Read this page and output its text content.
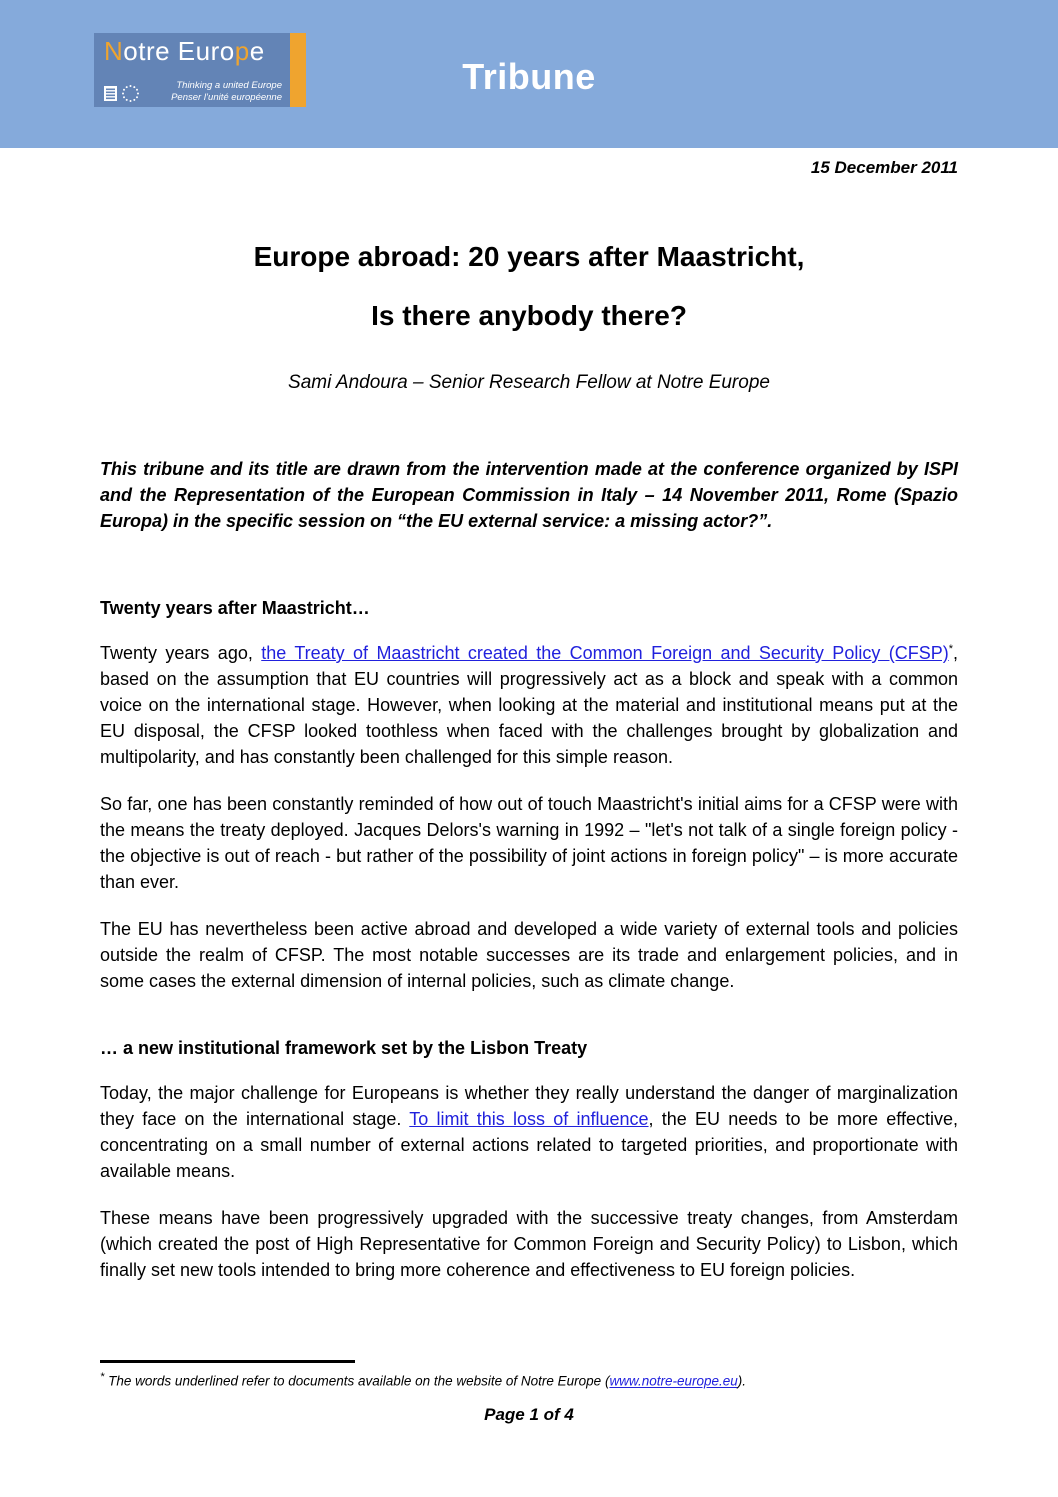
Notre Europe
Thinking a united Europe
Penser l’unité européenne	Tribune
15 December 2011
Europe abroad: 20 years after Maastricht,
Is there anybody there?
Sami Andoura – Senior Research Fellow at Notre Europe

This tribune and its title are drawn from the intervention made at the conference organized by ISPI and the Representation of the European Commission in Italy – 14 November 2011, Rome (Spazio Europa) in the specific session on “the EU external service: a missing actor?”.

Twenty years after Maastricht…

Twenty years ago, the Treaty of Maastricht created the Common Foreign and Security Policy (CFSP)*, based on the assumption that EU countries will progressively act as a block and speak with a common voice on the international stage. However, when looking at the material and institutional means put at the EU disposal, the CFSP looked toothless when faced with the challenges brought by globalization and multipolarity, and has constantly been challenged for this simple reason.

So far, one has been constantly reminded of how out of touch Maastricht's initial aims for a CFSP were with the means the treaty deployed. Jacques Delors's warning in 1992 – "let's not talk of a single foreign policy - the objective is out of reach - but rather of the possibility of joint actions in foreign policy" – is more accurate than ever.

The EU has nevertheless been active abroad and developed a wide variety of external tools and policies outside the realm of CFSP. The most notable successes are its trade and enlargement policies, and in some cases the external dimension of internal policies, such as climate change.

… a new institutional framework set by the Lisbon Treaty

Today, the major challenge for Europeans is whether they really understand the danger of marginalization they face on the international stage. To limit this loss of influence, the EU needs to be more effective, concentrating on a small number of external actions related to targeted priorities, and proportionate with available means.

These means have been progressively upgraded with the successive treaty changes, from Amsterdam (which created the post of High Representative for Common Foreign and Security Policy) to Lisbon, which finally set new tools intended to bring more coherence and effectiveness to EU foreign policies.

* The words underlined refer to documents available on the website of Notre Europe (www.notre-europe.eu).
Page 1 of 4
